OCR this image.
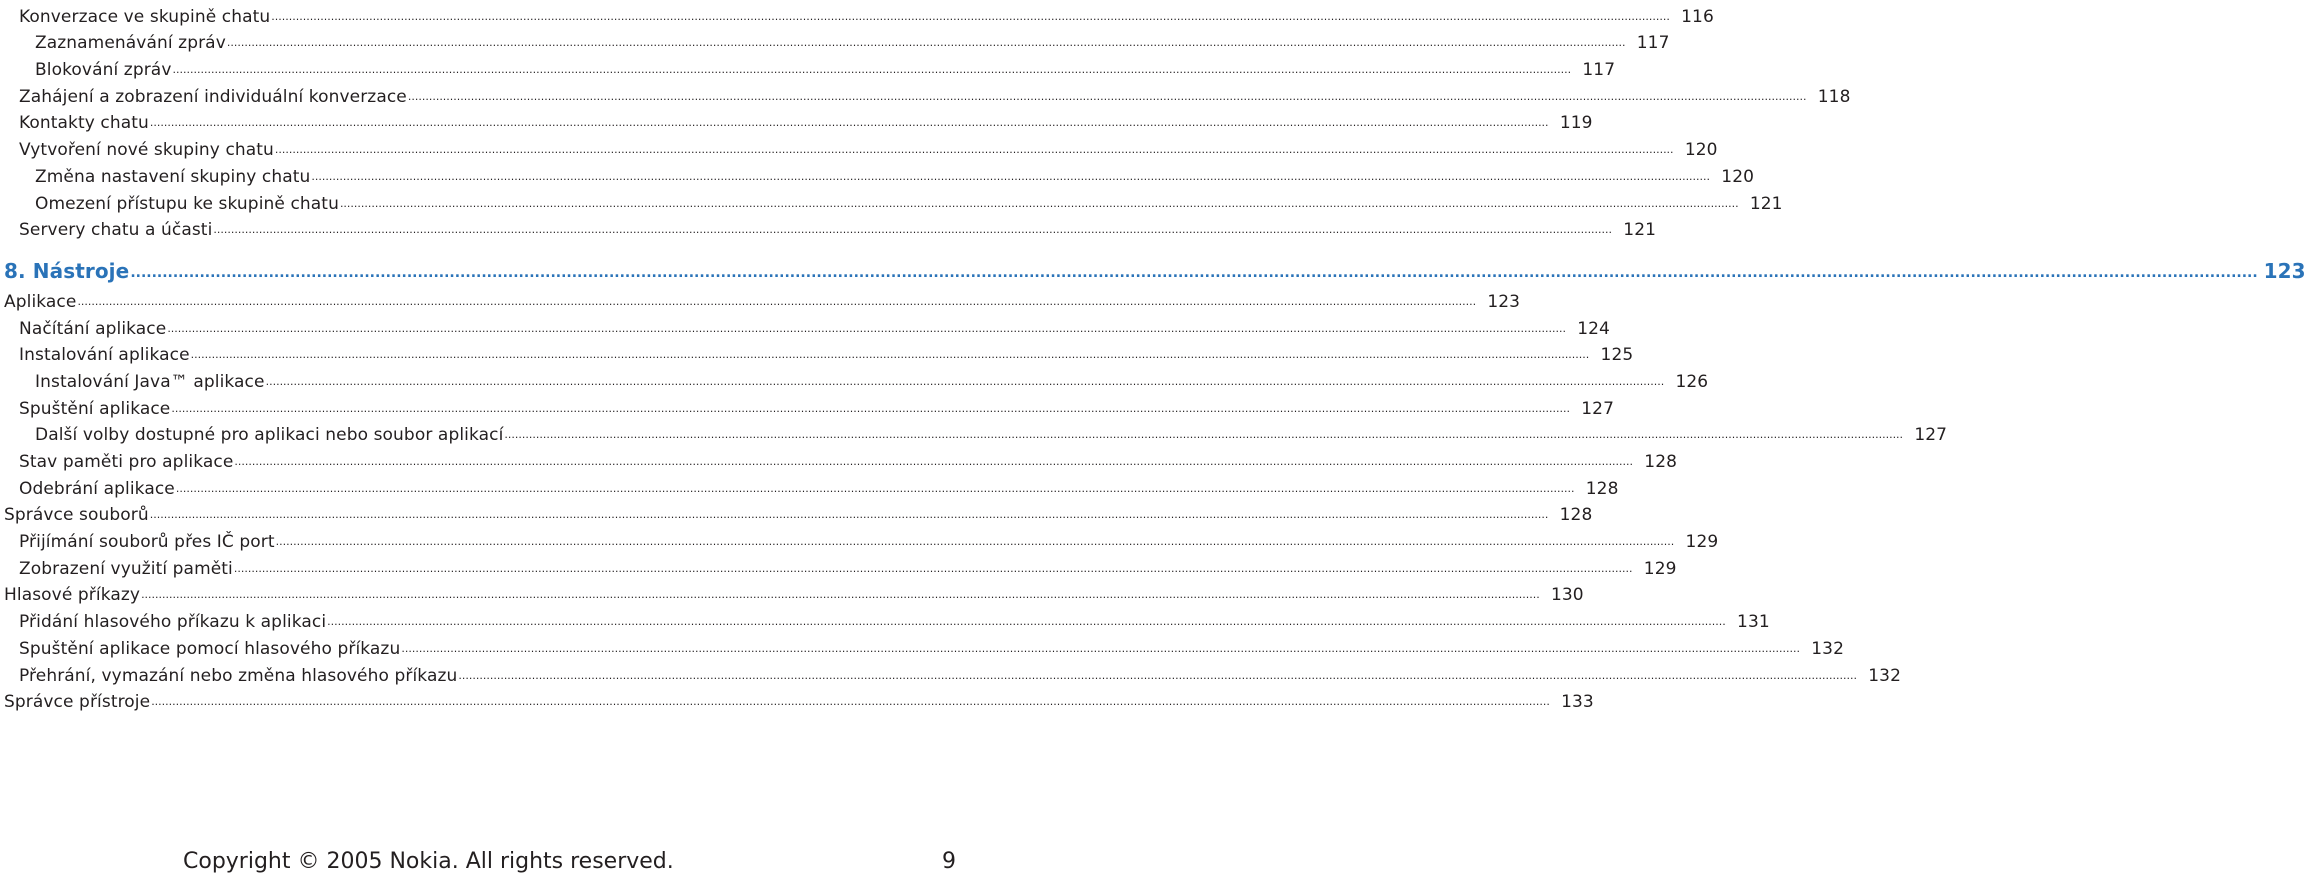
Konverzace ve skupině chatu ................................................................................................................................................................................................................................................................................................................................................................................................................ 116
Zaznamenávání zpráv ................................................................................................................................................................................................................................................................................................................................................................................................................ 117
Blokování zpráv ................................................................................................................................................................................................................................................................................................................................................................................................................ 117
Zahájení a zobrazení individuální konverzace ................................................................................................................................................................................................................................................................................................................................................................................................................ 118
Kontakty chatu ................................................................................................................................................................................................................................................................................................................................................................................................................ 119
Vytvoření nové skupiny chatu ................................................................................................................................................................................................................................................................................................................................................................................................................ 120
Změna nastavení skupiny chatu ................................................................................................................................................................................................................................................................................................................................................................................................................ 120
Omezení přístupu ke skupině chatu ................................................................................................................................................................................................................................................................................................................................................................................................................ 121
Servery chatu a účasti ................................................................................................................................................................................................................................................................................................................................................................................................................ 121
8. Nástroje ................................................................................................................................................................................................................................................................................................................................................................................................................ 123
Aplikace ................................................................................................................................................................................................................................................................................................................................................................................................................ 123
Načítání aplikace ................................................................................................................................................................................................................................................................................................................................................................................................................ 124
Instalování aplikace ................................................................................................................................................................................................................................................................................................................................................................................................................ 125
Instalování Java™ aplikace ................................................................................................................................................................................................................................................................................................................................................................................................................ 126
Spuštění aplikace ................................................................................................................................................................................................................................................................................................................................................................................................................ 127
Další volby dostupné pro aplikaci nebo soubor aplikací ................................................................................................................................................................................................................................................................................................................................................................................................................ 127
Stav paměti pro aplikace ................................................................................................................................................................................................................................................................................................................................................................................................................ 128
Odebrání aplikace ................................................................................................................................................................................................................................................................................................................................................................................................................ 128
Správce souborů ................................................................................................................................................................................................................................................................................................................................................................................................................ 128
Přijímání souborů přes IČ port ................................................................................................................................................................................................................................................................................................................................................................................................................ 129
Zobrazení využití paměti ................................................................................................................................................................................................................................................................................................................................................................................................................ 129
Hlasové příkazy ................................................................................................................................................................................................................................................................................................................................................................................................................ 130
Přidání hlasového příkazu k aplikaci ................................................................................................................................................................................................................................................................................................................................................................................................................ 131
Spuštění aplikace pomocí hlasového příkazu ................................................................................................................................................................................................................................................................................................................................................................................................................ 132
Přehrání, vymazání nebo změna hlasového příkazu ................................................................................................................................................................................................................................................................................................................................................................................................................ 132
Správce přístroje ................................................................................................................................................................................................................................................................................................................................................................................................................ 133
Copyright © 2005 Nokia. All rights reserved.	9
